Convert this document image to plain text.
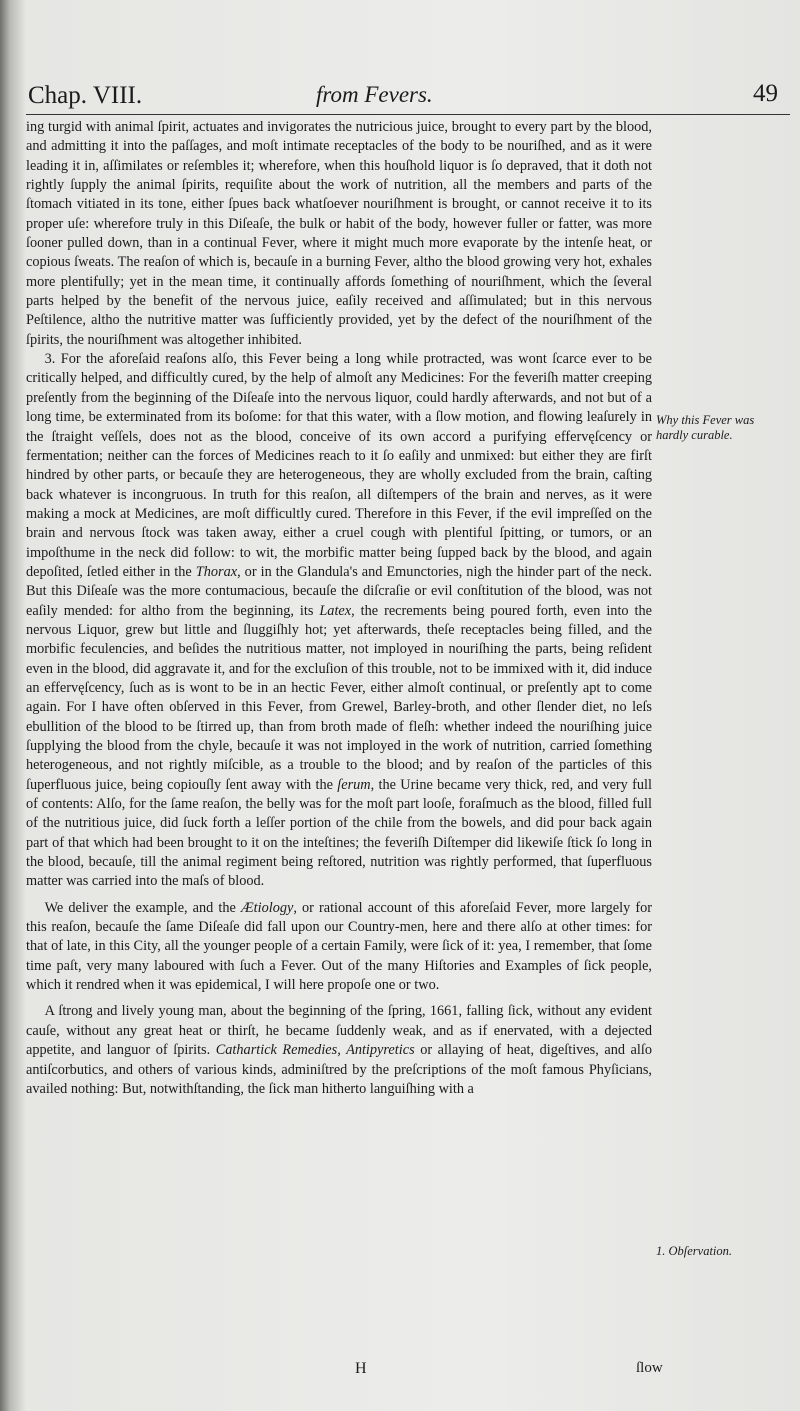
Chap. VIII.	from Fevers.	49

ing turgid with animal ſpirit, actuates and invigorates the nutricious juice, brought to every part by the blood, and admitting it into the paſſages, and moſt intimate receptacles of the body to be nouriſhed, and as it were leading it in, aſſimilates or reſembles it; wherefore, when this houſhold liquor is ſo depraved, that it doth not rightly ſupply the animal ſpirits, requiſite about the work of nutrition, all the members and parts of the ſtomach vitiated in its tone, either ſpues back whatſoever nouriſhment is brought, or cannot receive it to its proper uſe: wherefore truly in this Diſeaſe, the bulk or habit of the body, however fuller or fatter, was more ſooner pulled down, than in a continual Fever, where it might much more evaporate by the intenſe heat, or copious ſweats. The reaſon of which is, becauſe in a burning Fever, altho the blood growing very hot, exhales more plentifully; yet in the mean time, it continually affords ſomething of nouriſhment, which the ſeveral parts helped by the benefit of the nervous juice, eaſily received and aſſimulated; but in this nervous Peſtilence, altho the nutritive matter was ſufficiently provided, yet by the defect of the nouriſhment of the ſpirits, the nouriſhment was altogether inhibited.

3. For the aforeſaid reaſons alſo, this Fever being a long while protracted, was wont ſcarce ever to be critically helped, and difficultly cured, by the help of almoſt any Medicines: For the feveriſh matter creeping preſently from the beginning of the Diſeaſe into the nervous liquor, could hardly afterwards, and not but of a long time, be exterminated from its boſome: for that this water, with a ſlow motion, and flowing leaſurely in the ſtraight veſſels, does not as the blood, conceive of its own accord a purifying effervęſcency or fermentation; neither can the forces of Medicines reach to it ſo eaſily and unmixed: but either they are firſt hindred by other parts, or becauſe they are heterogeneous, they are wholly excluded from the brain, caſting back whatever is incongruous. In truth for this reaſon, all diſtempers of the brain and nerves, as it were making a mock at Medicines, are moſt difficultly cured. Therefore in this Fever, if the evil impreſſed on the brain and nervous ſtock was taken away, either a cruel cough with plentiful ſpitting, or tumors, or an impoſthume in the neck did follow: to wit, the morbific matter being ſupped back by the blood, and again depoſited, ſetled either in the Thorax, or in the Glandula's and Emunctories, nigh the hinder part of the neck. But this Diſeaſe was the more contumacious, becauſe the diſcraſie or evil conſtitution of the blood, was not eaſily mended: for altho from the beginning, its Latex, the recrements being poured forth, even into the nervous Liquor, grew but little and ſluggiſhly hot; yet afterwards, theſe receptacles being filled, and the morbific feculencies, and beſides the nutritious matter, not imployed in nouriſhing the parts, being reſident even in the blood, did aggravate it, and for the excluſion of this trouble, not to be immixed with it, did induce an effervęſcency, ſuch as is wont to be in an hectic Fever, either almoſt continual, or preſently apt to come again. For I have often obſerved in this Fever, from Grewel, Barley-broth, and other ſlender diet, no leſs ebullition of the blood to be ſtirred up, than from broth made of fleſh: whether indeed the nouriſhing juice ſupplying the blood from the chyle, becauſe it was not imployed in the work of nutrition, carried ſomething heterogeneous, and not rightly miſcible, as a trouble to the blood; and by reaſon of the particles of this ſuperfluous juice, being copiouſly ſent away with the ſerum, the Urine became very thick, red, and very full of contents: Alſo, for the ſame reaſon, the belly was for the moſt part looſe, foraſmuch as the blood, filled full of the nutritious juice, did ſuck forth a leſſer portion of the chile from the bowels, and did pour back again part of that which had been brought to it on the inteſtines; the feveriſh Diſtemper did likewiſe ſtick ſo long in the blood, becauſe, till the animal regiment being reſtored, nutrition was rightly performed, that ſuperfluous matter was carried into the maſs of blood.

We deliver the example, and the Ætiology, or rational account of this aforeſaid Fever, more largely for this reaſon, becauſe the ſame Diſeaſe did fall upon our Country-men, here and there alſo at other times: for that of late, in this City, all the younger people of a certain Family, were ſick of it: yea, I remember, that ſome time paſt, very many laboured with ſuch a Fever. Out of the many Hiſtories and Examples of ſick people, which it rendred when it was epidemical, I will here propoſe one or two.

A ſtrong and lively young man, about the beginning of the ſpring, 1661, falling ſick, without any evident cauſe, without any great heat or thirſt, he became ſuddenly weak, and as if enervated, with a dejected appetite, and languor of ſpirits. Cathartick Remedies, Antipyretics or allaying of heat, digeſtives, and alſo antiſcorbutics, and others of various kinds, adminiſtred by the preſcriptions of the moſt famous Phyſicians, availed nothing: But, notwithſtanding, the ſick man hitherto languiſhing with a

Why this Fever was hardly curable.
1. Obſervation.
H	ſlow
